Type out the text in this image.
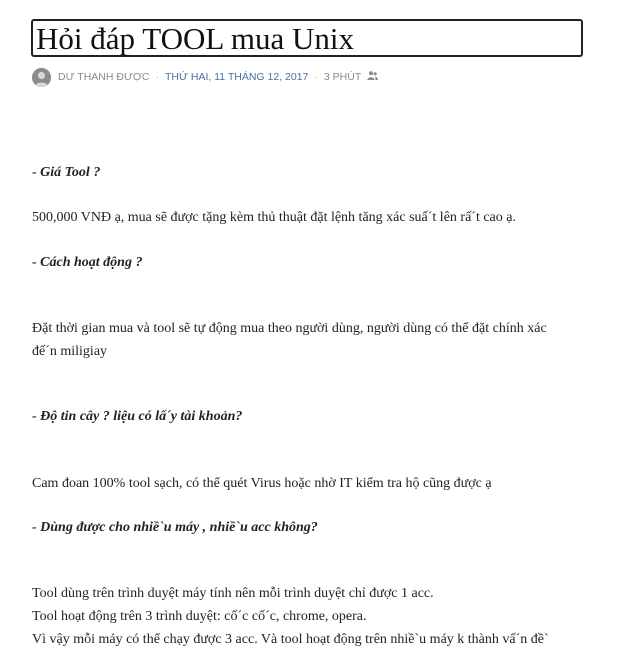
Hỏi đáp TOOL mua Unix
DƯ THANH ĐƯỢC · THỨ HAI, 11 THÁNG 12, 2017 · 3 PHÚT
- Giá Tool ?
500,000 VNĐ ạ, mua sẽ được tặng kèm thủ thuật đặt lệnh tăng xác suấ´t lên rấ´t cao ạ.
- Cách hoạt động ?
Đặt thời gian mua và tool sẽ tự động mua theo người dùng, người dùng có thể đặt chính xác
đế´n miligiay
- Độ tin cây ? liệu có lấ´y tài khoản?
Cam đoan 100% tool sạch, có thể quét Virus hoặc nhờ IT kiểm tra hộ cũng được ạ
- Dùng được cho nhiề`u máy , nhiề`u acc không?
Tool dùng trên trình duyệt máy tính nên mỗi trình duyệt chỉ được 1 acc.
Tool hoạt động trên 3 trình duyệt: cố´c cố´c, chrome, opera.
Vì vậy mỗi máy có thể chạy được 3 acc. Và tool hoạt động trên nhiề`u máy k thành vấ´n đề`
